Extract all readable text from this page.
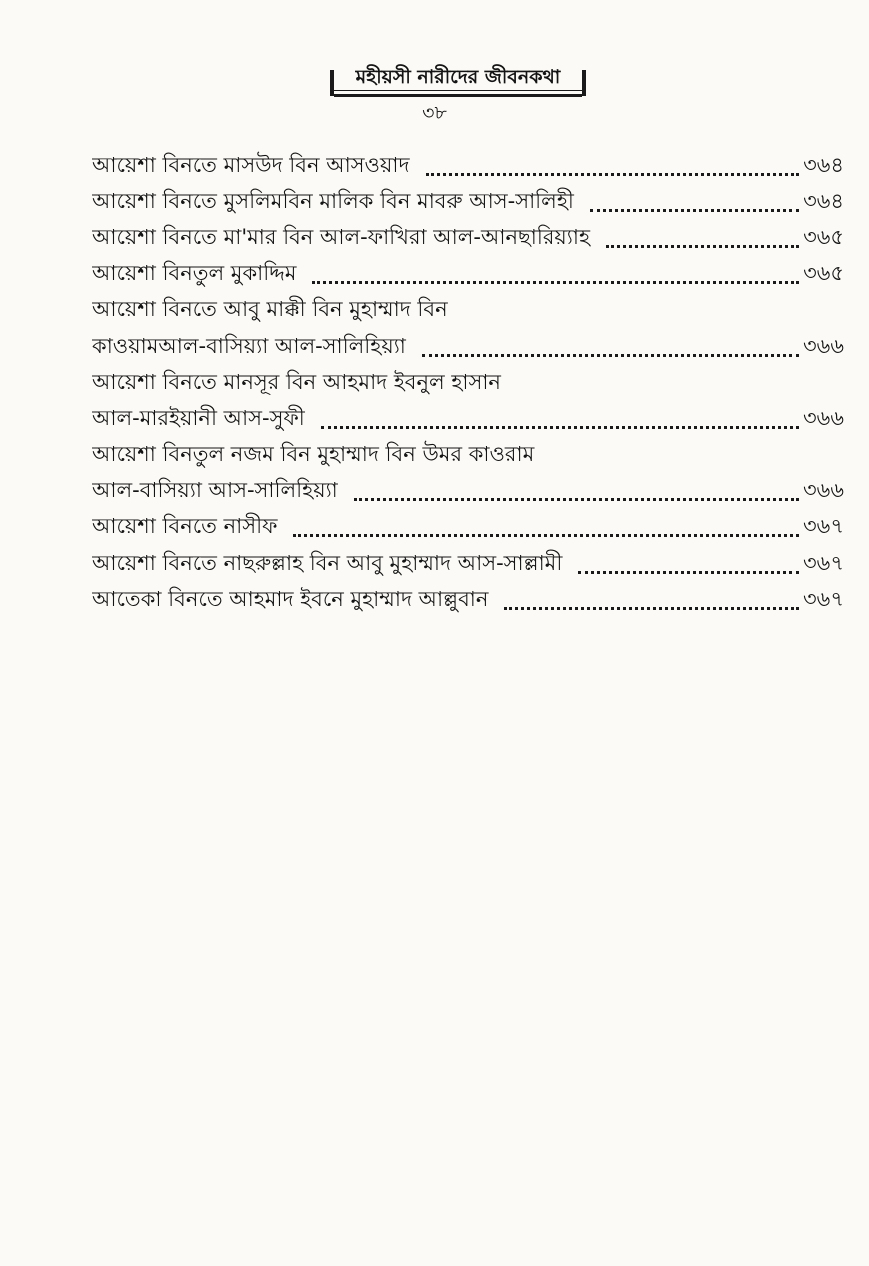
মহীয়সী নারীদের জীবনকথা
৩৮
আয়েশা বিনতে মাসউদ বিন আসওয়াদ	৩৬৪
আয়েশা বিনতে মুসলিমবিন মালিক বিন মাবরু আস-সালিহী	৩৬৪
আয়েশা বিনতে মা'মার বিন আল-ফাখিরা আল-আনছারিয়্যাহ	৩৬৫
আয়েশা বিনতুল মুকাদ্দিম	৩৬৫
আয়েশা বিনতে আবু মাক্কী বিন মুহাম্মাদ বিন
কাওয়ামআল-বাসিয়্যা আল-সালিহিয়্যা	৩৬৬
আয়েশা বিনতে মানসূর বিন আহমাদ ইবনুল হাসান
আল-মারইয়ানী আস-সুফী	৩৬৬
আয়েশা বিনতুল নজম বিন মুহাম্মাদ বিন উমর কাওরাম
আল-বাসিয়্যা আস-সালিহিয়্যা	৩৬৬
আয়েশা বিনতে নাসীফ	৩৬৭
আয়েশা বিনতে নাছরুল্লাহ বিন আবু মুহাম্মাদ আস-সাল্লামী	৩৬৭
আতেকা বিনতে আহমাদ ইবনে মুহাম্মাদ আল্লুবান	৩৬৭
